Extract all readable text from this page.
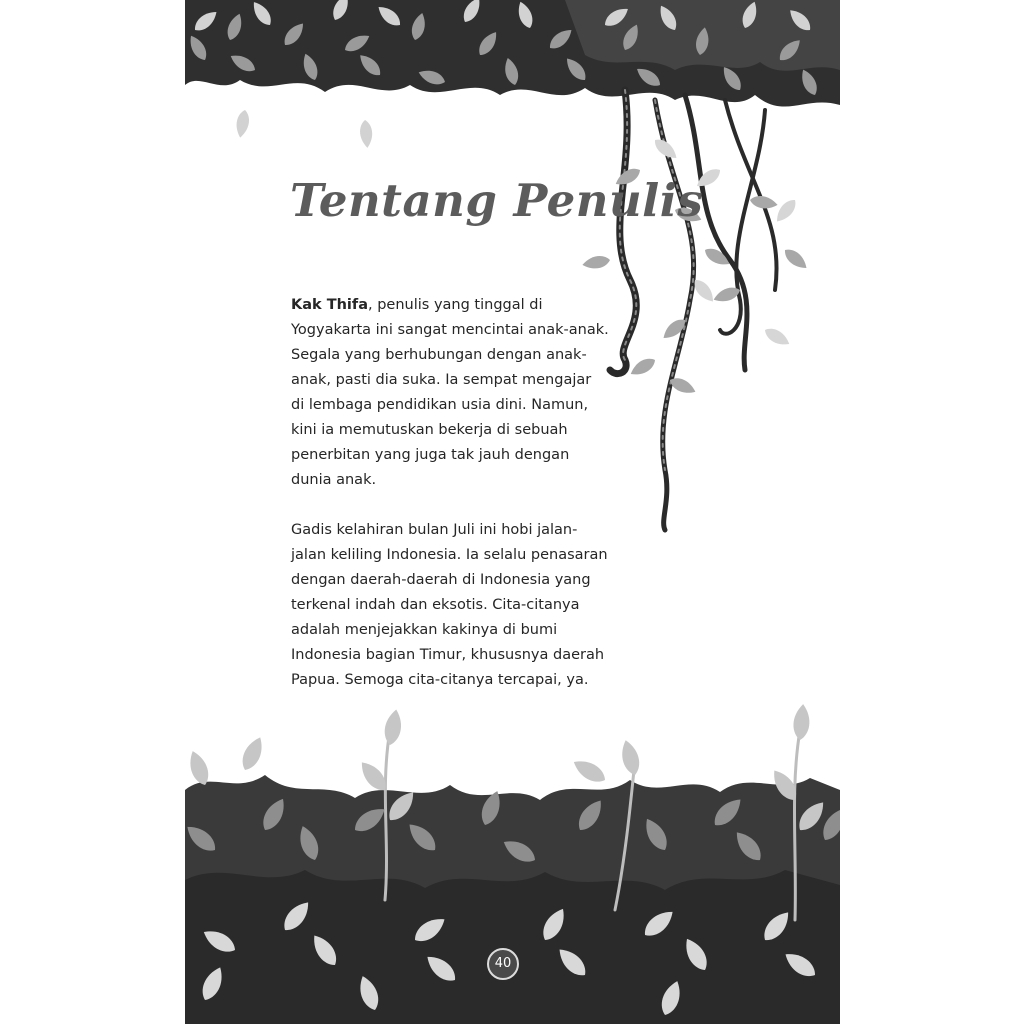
Tentang Penulis
Kak Thifa, penulis yang tinggal di
Yogyakarta ini sangat mencintai anak-anak.
Segala yang berhubungan dengan anak-
anak, pasti dia suka. Ia sempat mengajar
di lembaga pendidikan usia dini. Namun,
kini ia memutuskan bekerja di sebuah
penerbitan yang juga tak jauh dengan
dunia anak.
Gadis kelahiran bulan Juli ini hobi jalan-
jalan keliling Indonesia. Ia selalu penasaran
dengan daerah-daerah di Indonesia yang
terkenal indah dan eksotis. Cita-citanya
adalah menjejakkan kakinya di bumi
Indonesia bagian Timur, khususnya daerah
Papua. Semoga cita-citanya tercapai, ya.
40
